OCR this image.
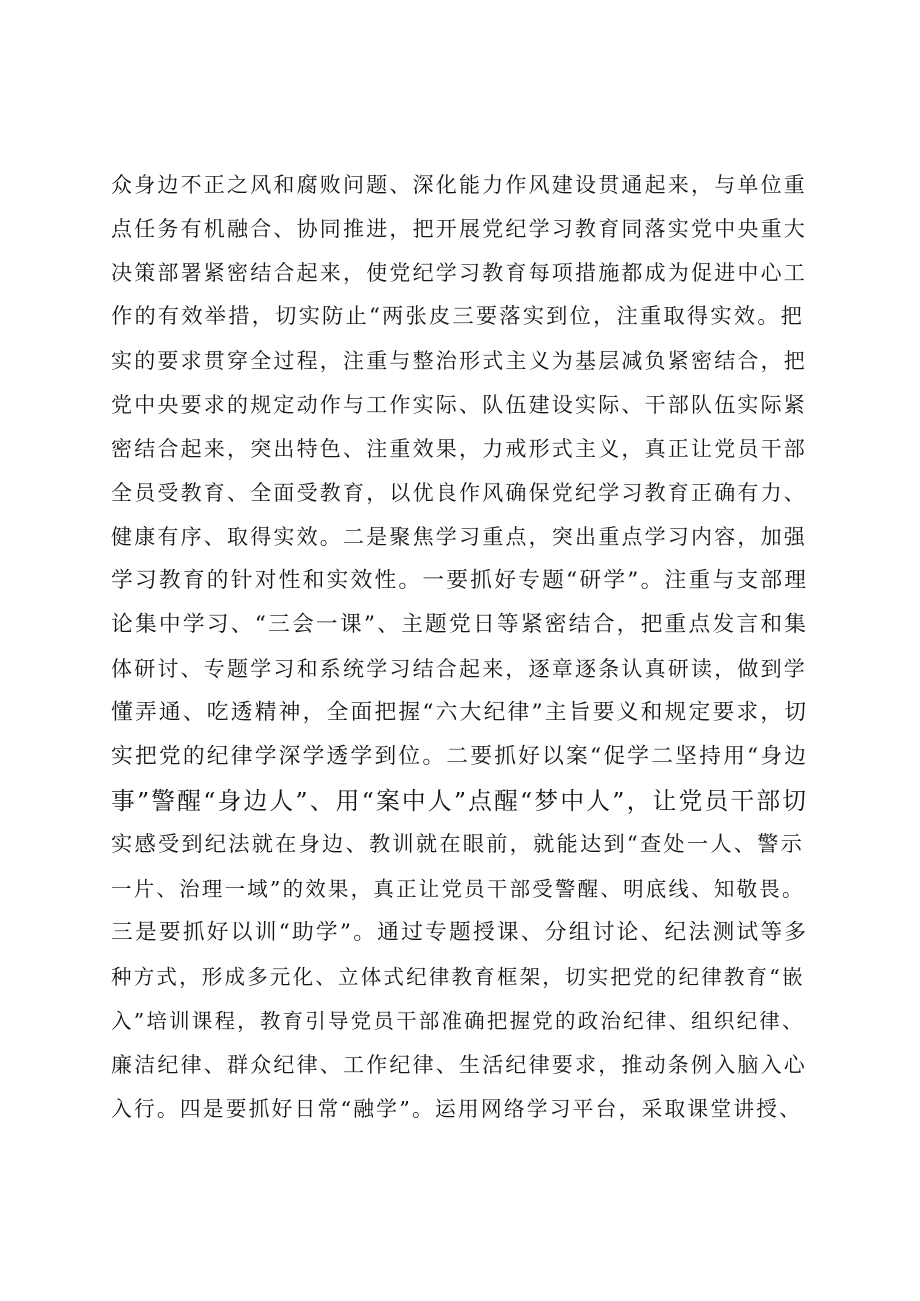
众身边不正之风和腐败问题、深化能力作风建设贯通起来，与单位重
点任务有机融合、协同推进，把开展党纪学习教育同落实党中央重大
决策部署紧密结合起来，使党纪学习教育每项措施都成为促进中心工
作的有效举措，切实防止“两张皮三要落实到位，注重取得实效。把
实的要求贯穿全过程，注重与整治形式主义为基层减负紧密结合，把
党中央要求的规定动作与工作实际、队伍建设实际、干部队伍实际紧
密结合起来，突出特色、注重效果，力戒形式主义，真正让党员干部
全员受教育、全面受教育，以优良作风确保党纪学习教育正确有力、
健康有序、取得实效。二是聚焦学习重点，突出重点学习内容，加强
学习教育的针对性和实效性。一要抓好专题“研学”。注重与支部理
论集中学习、“三会一课”、主题党日等紧密结合，把重点发言和集
体研讨、专题学习和系统学习结合起来，逐章逐条认真研读，做到学
懂弄通、吃透精神，全面把握“六大纪律”主旨要义和规定要求，切
实把党的纪律学深学透学到位。二要抓好以案“促学二坚持用“身边
事”警醒“身边人”、用“案中人”点醒“梦中人”，让党员干部切
实感受到纪法就在身边、教训就在眼前，就能达到“查处一人、警示
一片、治理一域”的效果，真正让党员干部受警醒、明底线、知敬畏。
三是要抓好以训“助学”。通过专题授课、分组讨论、纪法测试等多
种方式，形成多元化、立体式纪律教育框架，切实把党的纪律教育“嵌
入”培训课程，教育引导党员干部准确把握党的政治纪律、组织纪律、
廉洁纪律、群众纪律、工作纪律、生活纪律要求，推动条例入脑入心
入行。四是要抓好日常“融学”。运用网络学习平台，采取课堂讲授、
